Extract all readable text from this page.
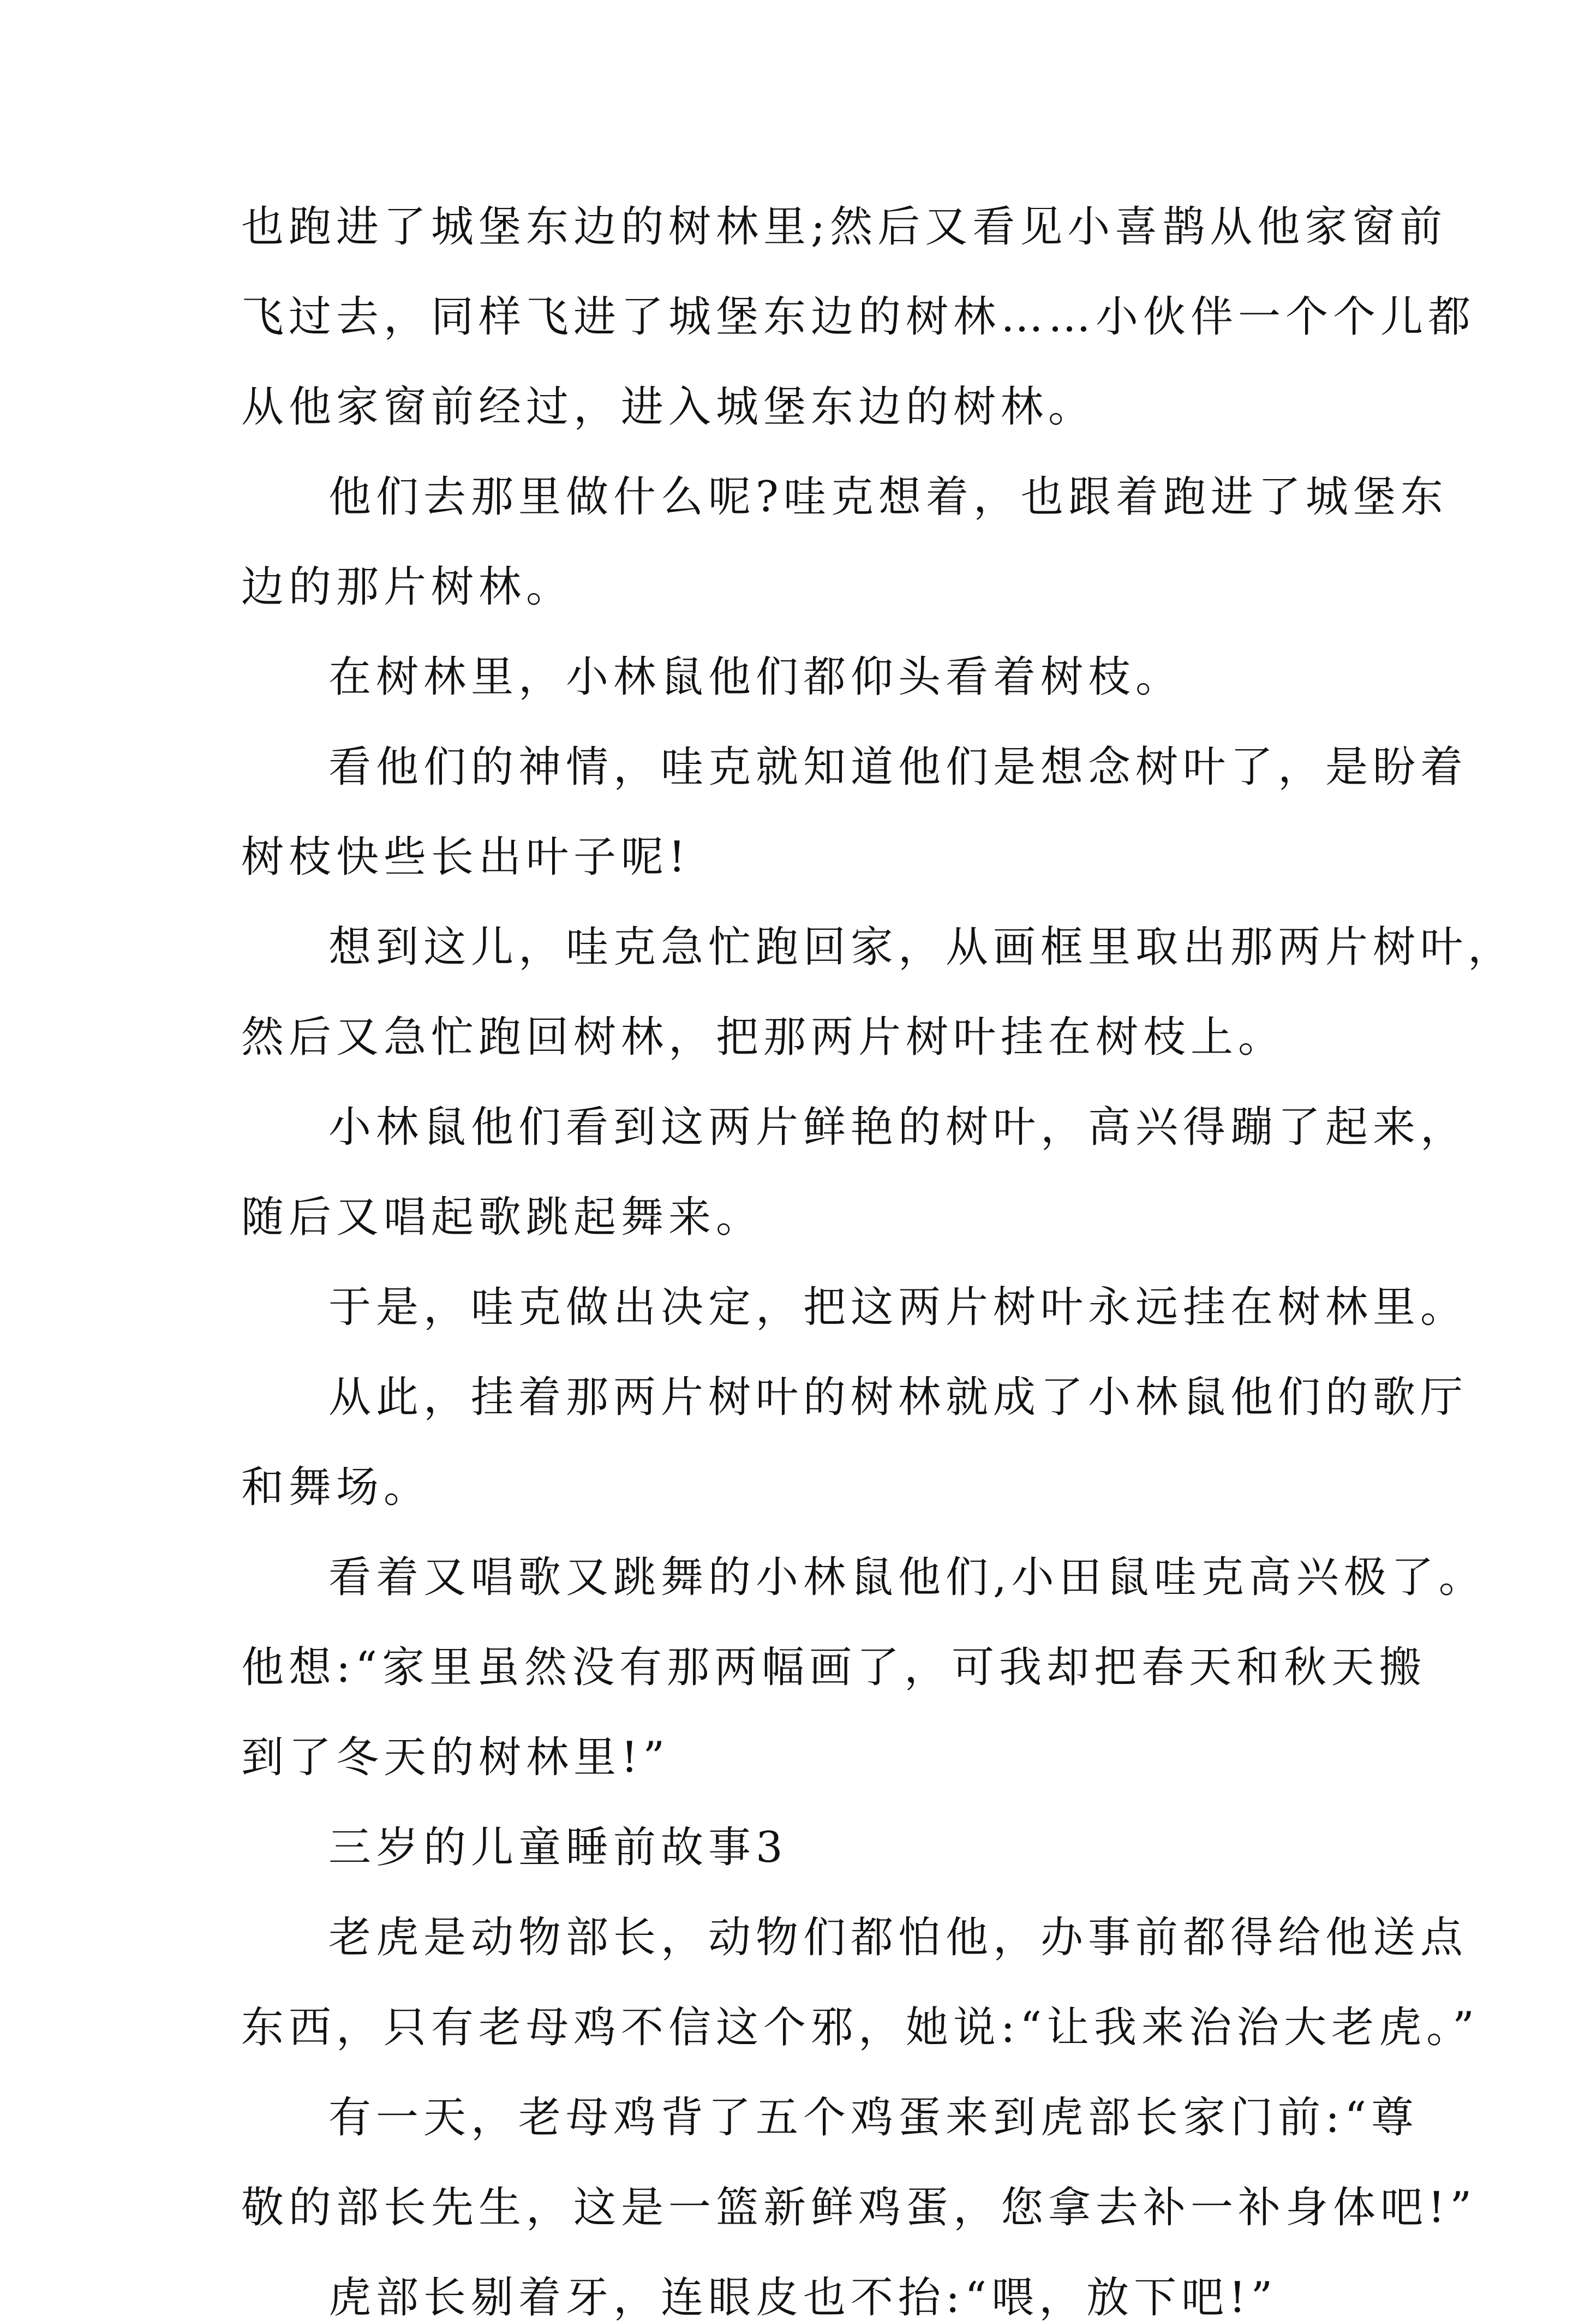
也跑进了城堡东边的树林里;然后又看见小喜鹊从他家窗前
飞过去，同样飞进了城堡东边的树林……小伙伴一个个儿都
从他家窗前经过，进入城堡东边的树林。
他们去那里做什么呢?哇克想着，也跟着跑进了城堡东
边的那片树林。
在树林里，小林鼠他们都仰头看着树枝。
看他们的神情，哇克就知道他们是想念树叶了，是盼着
树枝快些长出叶子呢!
想到这儿，哇克急忙跑回家，从画框里取出那两片树叶，
然后又急忙跑回树林，把那两片树叶挂在树枝上。
小林鼠他们看到这两片鲜艳的树叶，高兴得蹦了起来，
随后又唱起歌跳起舞来。
于是，哇克做出决定，把这两片树叶永远挂在树林里。
从此，挂着那两片树叶的树林就成了小林鼠他们的歌厅
和舞场。
看着又唱歌又跳舞的小林鼠他们,小田鼠哇克高兴极了。
他想:“家里虽然没有那两幅画了，可我却把春天和秋天搬
到了冬天的树林里!”
三岁的儿童睡前故事3
老虎是动物部长，动物们都怕他，办事前都得给他送点
东西，只有老母鸡不信这个邪，她说:“让我来治治大老虎。”
有一天，老母鸡背了五个鸡蛋来到虎部长家门前:“尊
敬的部长先生，这是一篮新鲜鸡蛋，您拿去补一补身体吧!”
虎部长剔着牙，连眼皮也不抬:“喂，放下吧!”
